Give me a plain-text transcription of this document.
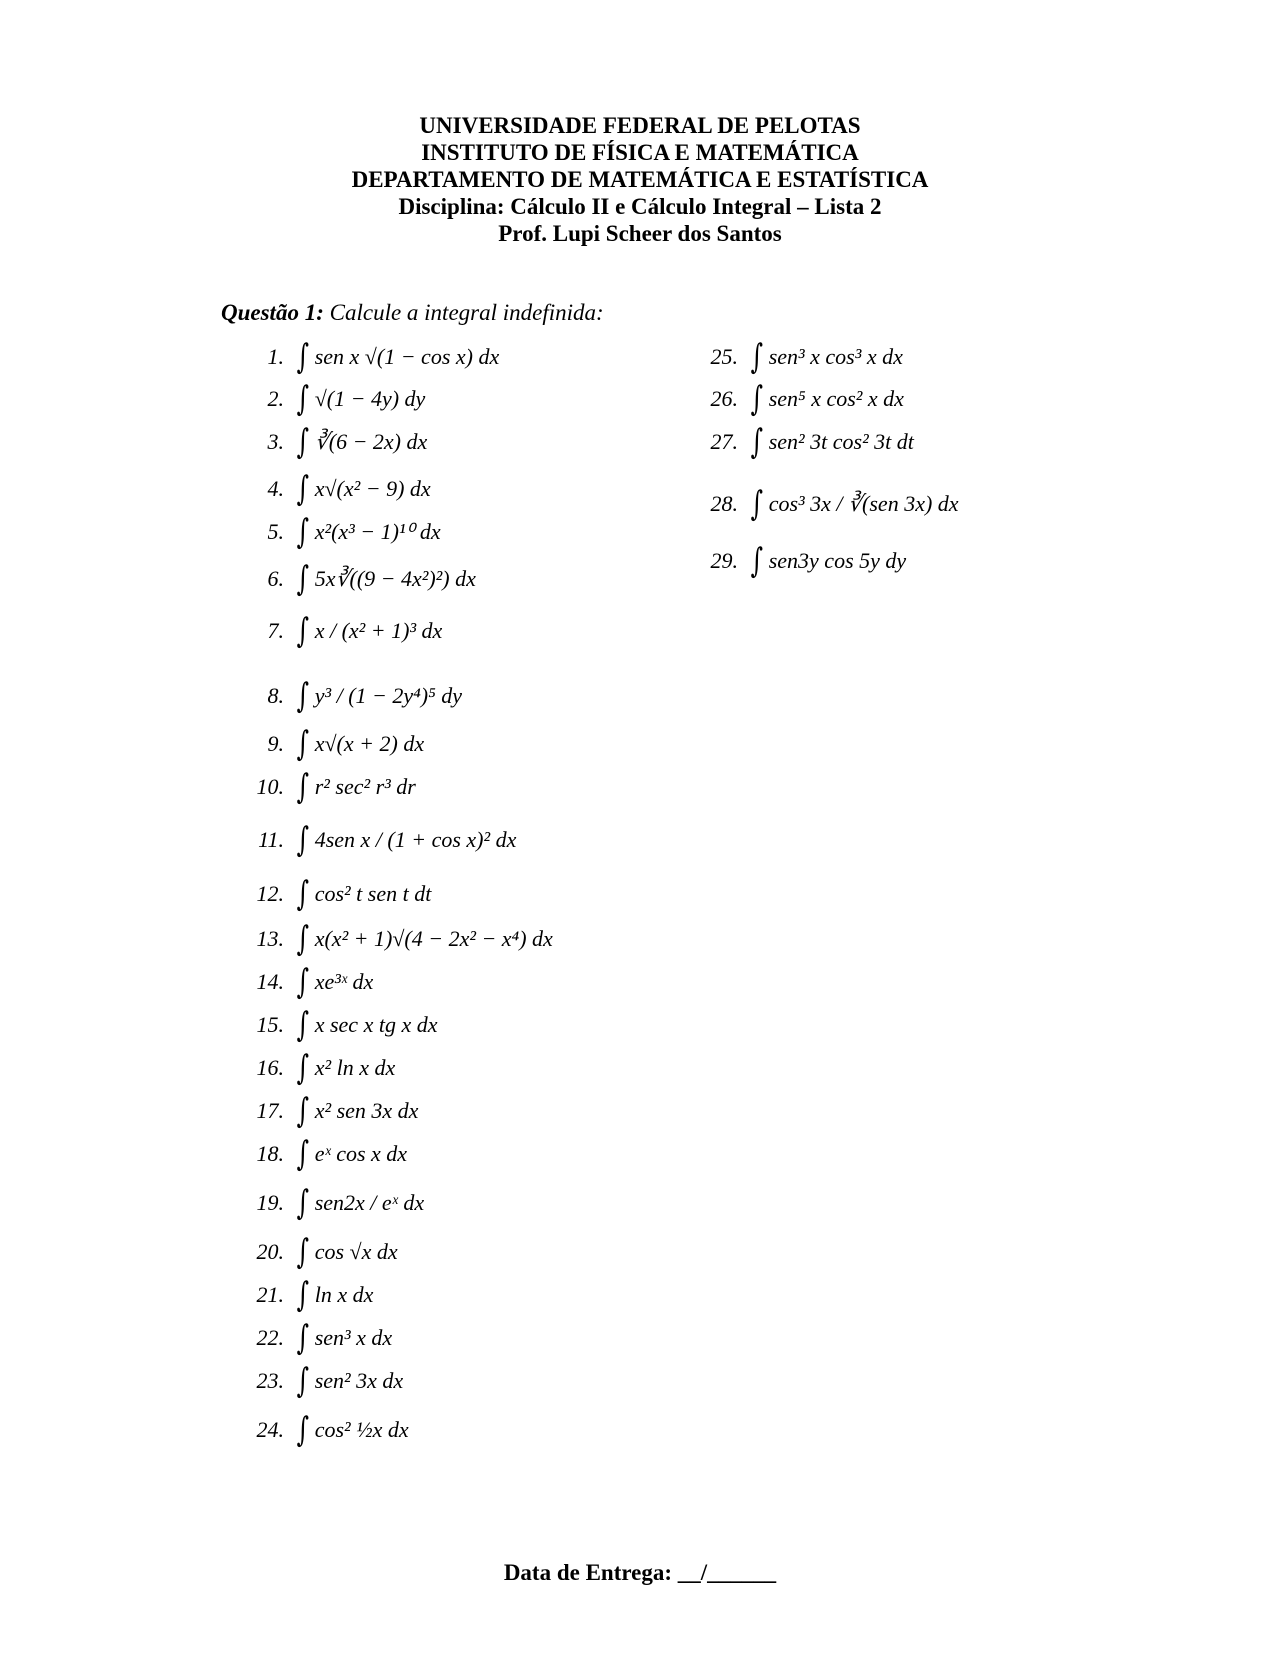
UNIVERSIDADE FEDERAL DE PELOTAS
INSTITUTO DE FÍSICA E MATEMÁTICA
DEPARTAMENTO DE MATEMÁTICA E ESTATÍSTICA
Disciplina: Cálculo II e Cálculo Integral – Lista 2
Prof. Lupi Scheer dos Santos
Questão 1: Calcule a integral indefinida:
1. ∫ sen x √(1 − cos x) dx
2. ∫ √(1 − 4y) dy
3. ∫ ∛(6 − 2x) dx
4. ∫ x√(x² − 9) dx
5. ∫ x²(x³ − 1)¹⁰ dx
6. ∫ 5x∛((9 − 4x²)²) dx
7. ∫ x / (x² + 1)³ dx
8. ∫ y³ / (1 − 2y⁴)⁵ dy
9. ∫ x√(x + 2) dx
10. ∫ r² sec² r³ dr
11. ∫ 4sen x / (1 + cos x)² dx
12. ∫ cos² t sen t dt
13. ∫ x(x² + 1)√(4 − 2x² − x⁴) dx
14. ∫ xe³ˣ dx
15. ∫ x sec x tg x dx
16. ∫ x² ln x dx
17. ∫ x² sen 3x dx
18. ∫ eˣ cos x dx
19. ∫ sen2x / eˣ dx
20. ∫ cos √x dx
21. ∫ ln x dx
22. ∫ sen³ x dx
23. ∫ sen² 3x dx
24. ∫ cos² ½x dx
25. ∫ sen³ x cos³ x dx
26. ∫ sen⁵ x cos² x dx
27. ∫ sen² 3t cos² 3t dt
28. ∫ cos³ 3x / ∛(sen 3x) dx
29. ∫ sen3y cos 5y dy
Data de Entrega: __/______
